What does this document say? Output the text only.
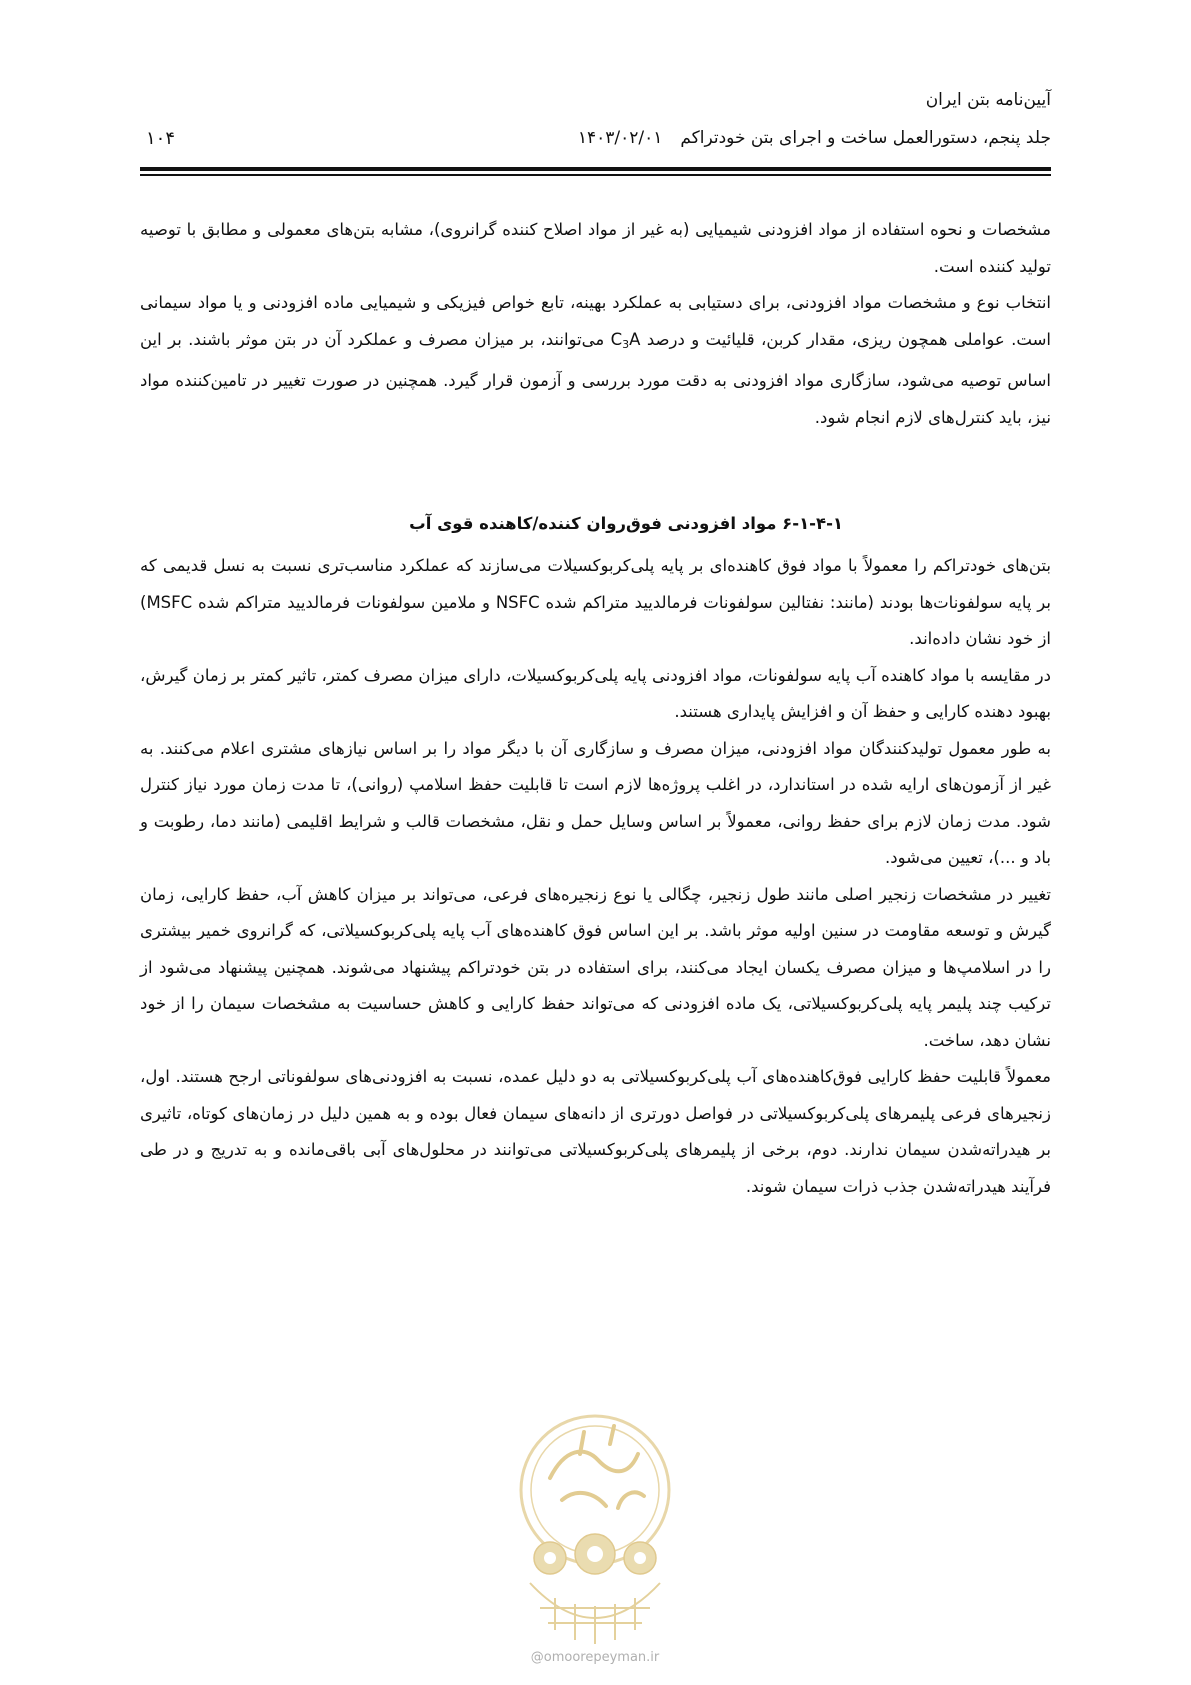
آیین‌نامه بتن ایران
جلد پنجم، دستورالعمل ساخت و اجرای بتن خودتراکم
۱۴۰۳/۰۲/۰۱
۱۰۴

مشخصات و نحوه استفاده از مواد افزودنی شیمیایی (به غیر از مواد اصلاح کننده گرانروی)، مشابه بتن‌های معمولی و مطابق با توصیه تولید کننده است.

انتخاب نوع و مشخصات مواد افزودنی، برای دستیابی به عملکرد بهینه، تابع خواص فیزیکی و شیمیایی ماده افزودنی و یا مواد سیمانی است. عواملی همچون ریزی، مقدار کربن، قلیائیت و درصد C3A می‌توانند، بر میزان مصرف و عملکرد آن در بتن موثر باشند. بر این اساس توصیه می‌شود، سازگاری مواد افزودنی به دقت مورد بررسی و آزمون قرار گیرد. همچنین در صورت تغییر در تامین‌کننده مواد نیز، باید کنترل‌های لازم انجام شود.

۶-۱-۴-۱ مواد افزودنی فوق‌روان کننده/کاهنده قوی آب

بتن‌های خودتراکم را معمولاً با مواد فوق کاهنده‌ای بر پایه پلی‌کربوکسیلات می‌سازند که عملکرد مناسب‌تری نسبت به نسل قدیمی که بر پایه سولفونات‌ها بودند (مانند: نفتالین سولفونات فرمالدیید متراکم شده NSFC و ملامین سولفونات فرمالدیید متراکم شده MSFC) از خود نشان داده‌اند.

در مقایسه با مواد کاهنده آب پایه سولفونات، مواد افزودنی پایه پلی‌کربوکسیلات، دارای میزان مصرف کمتر، تاثیر کمتر بر زمان گیرش، بهبود دهنده کارایی و حفظ آن و افزایش پایداری هستند.

به طور معمول تولیدکنندگان مواد افزودنی، میزان مصرف و سازگاری آن با دیگر مواد را بر اساس نیازهای مشتری اعلام می‌کنند. به غیر از آزمون‌های ارایه شده در استاندارد، در اغلب پروژه‌ها لازم است تا قابلیت حفظ اسلامپ (روانی)، تا مدت زمان مورد نیاز کنترل شود. مدت زمان لازم برای حفظ روانی، معمولاً بر اساس وسایل حمل و نقل، مشخصات قالب و شرایط اقلیمی (مانند دما، رطوبت و باد و ...)، تعیین می‌شود.

تغییر در مشخصات زنجیر اصلی مانند طول زنجیر، چگالی یا نوع زنجیره‌های فرعی، می‌تواند بر میزان کاهش آب، حفظ کارایی، زمان گیرش و توسعه مقاومت در سنین اولیه موثر باشد. بر این اساس فوق کاهنده‌های آب پایه پلی‌کربوکسیلاتی، که گرانروی خمیر بیشتری را در اسلامپ‌ها و میزان مصرف یکسان ایجاد می‌کنند، برای استفاده در بتن خودتراکم پیشنهاد می‌شوند. همچنین پیشنهاد می‌شود از ترکیب چند پلیمر پایه پلی‌کربوکسیلاتی، یک ماده افزودنی که می‌تواند حفظ کارایی و کاهش حساسیت به مشخصات سیمان را از خود نشان دهد، ساخت.

معمولاً قابلیت حفظ کارایی فوق‌کاهنده‌های آب پلی‌کربوکسیلاتی به دو دلیل عمده، نسبت به افزودنی‌های سولفوناتی ارجح هستند. اول، زنجیرهای فرعی پلیمرهای پلی‌کربوکسیلاتی در فواصل دورتری از دانه‌های سیمان فعال بوده و به همین دلیل در زمان‌های کوتاه، تاثیری بر هیدراته‌شدن سیمان ندارند. دوم، برخی از پلیمرهای پلی‌کربوکسیلاتی می‌توانند در محلول‌های آبی باقی‌مانده و به تدریج و در طی فرآیند هیدراته‌شدن جذب ذرات سیمان شوند.

@omoorepeyman.ir
